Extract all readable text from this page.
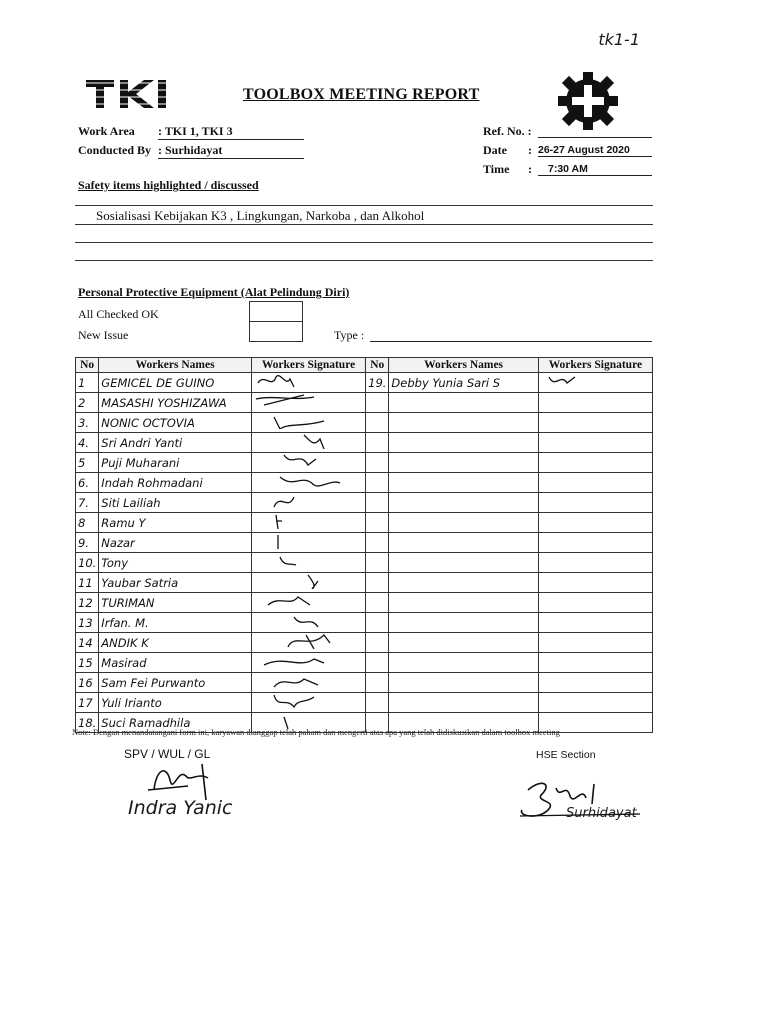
tk1-1
TOOLBOX MEETING REPORT
Work Area : TKI 1, TKI 3
Conducted By : Surhidayat
Ref. No. :
Date : 26-27 August 2020
Time :	7:30 AM
Safety items highlighted / discussed
Sosialisasi Kebijakan K3 , Lingkungan, Narkoba , dan Alkohol
Personal Protective Equipment (Alat Pelindung Diri)
All Checked OK
New Issue	Type :
No	Workers Names	Workers Signature	No	Workers Names	Workers Signature
1	GEMICEL DE GUINO		19.	Debby Yunia Sari S	
2	MASASHI YOSHIZAWA				
3.	NONIC OCTOVIA				
4.	Sri Andri Yanti				
5	Puji Muharani				
6.	Indah Rohmadani				
7.	Siti Lailiah				
8	Ramu Y				
9.	Nazar				
10.	Tony				
11	Yaubar Satria				
12	TURIMAN				
13	Irfan. M.				
14	ANDIK K				
15	Masirad				
16	Sam Fei Purwanto				
17	Yuli Irianto				
18.	Suci Ramadhila				
Note: Dengan menandatangani form ini, karyawan dianggap telah paham dan mengerti atas apa yang telah didiskusikan dalam toolbox meeting
SPV / WUL / GL	HSE Section
Indra Yanic	Surhidayat
